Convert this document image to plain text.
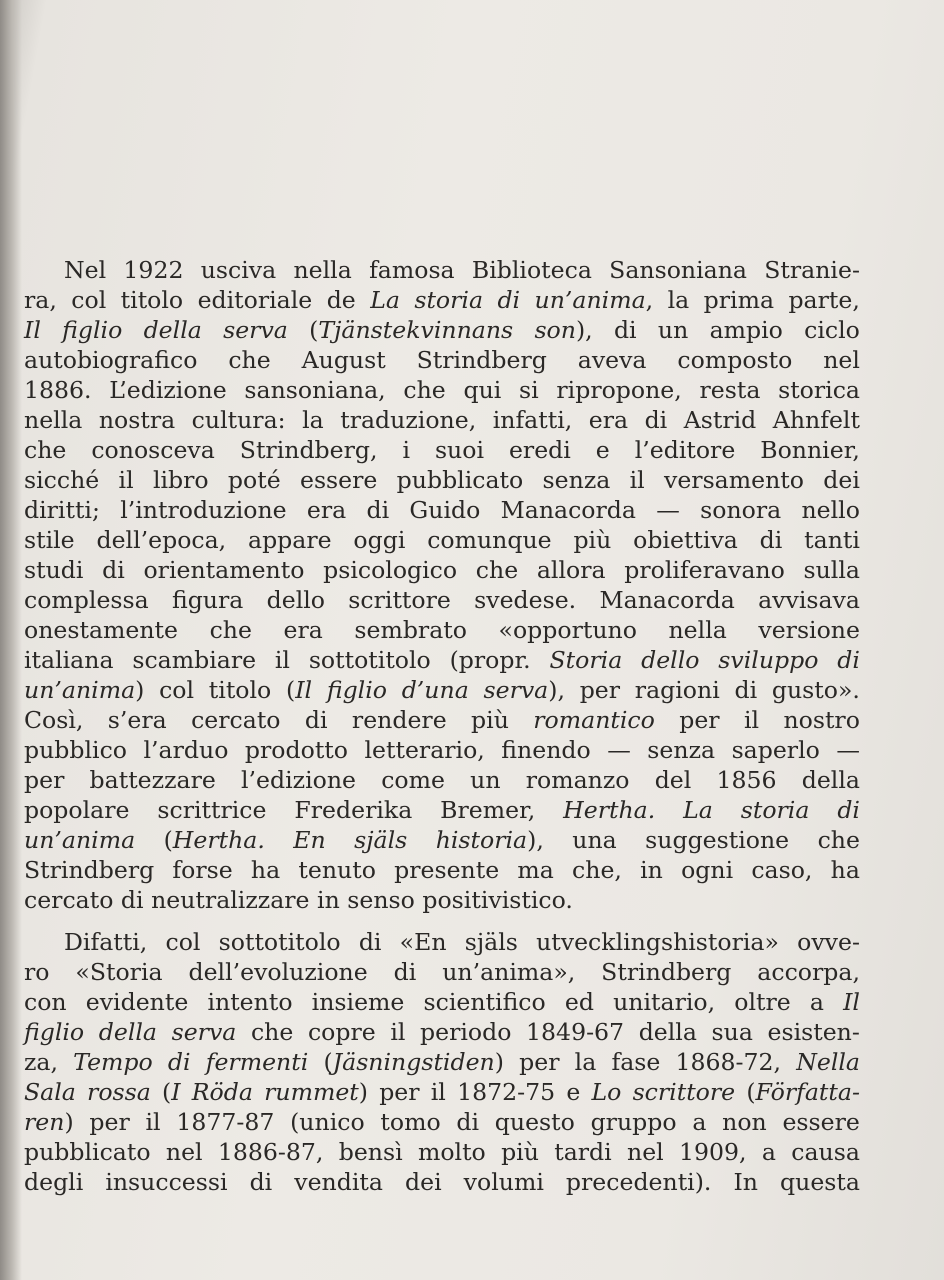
Nel 1922 usciva nella famosa Biblioteca Sansoniana Stranie-
ra, col titolo editoriale de La storia di un’anima, la prima parte,
Il figlio della serva (Tjänstekvinnans son), di un ampio ciclo
autobiografico che August Strindberg aveva composto nel
1886. L’edizione sansoniana, che qui si ripropone, resta storica
nella nostra cultura: la traduzione, infatti, era di Astrid Ahnfelt
che conosceva Strindberg, i suoi eredi e l’editore Bonnier,
sicché il libro poté essere pubblicato senza il versamento dei
diritti; l’introduzione era di Guido Manacorda — sonora nello
stile dell’epoca, appare oggi comunque più obiettiva di tanti
studi di orientamento psicologico che allora proliferavano sulla
complessa figura dello scrittore svedese. Manacorda avvisava
onestamente che era sembrato «opportuno nella versione
italiana scambiare il sottotitolo (propr. Storia dello sviluppo di
un’anima) col titolo (Il figlio d’una serva), per ragioni di gusto».
Così, s’era cercato di rendere più romantico per il nostro
pubblico l’arduo prodotto letterario, finendo — senza saperlo —
per battezzare l’edizione come un romanzo del 1856 della
popolare scrittrice Frederika Bremer, Hertha. La storia di
un’anima (Hertha. En själs historia), una suggestione che
Strindberg forse ha tenuto presente ma che, in ogni caso, ha
cercato di neutralizzare in senso positivistico.
Difatti, col sottotitolo di «En själs utvecklingshistoria» ovve-
ro «Storia dell’evoluzione di un’anima», Strindberg accorpa,
con evidente intento insieme scientifico ed unitario, oltre a Il
figlio della serva che copre il periodo 1849-67 della sua esisten-
za, Tempo di fermenti (Jäsningstiden) per la fase 1868-72, Nella
Sala rossa (I Röda rummet) per il 1872-75 e Lo scrittore (Författa-
ren) per il 1877-87 (unico tomo di questo gruppo a non essere
pubblicato nel 1886-87, bensì molto più tardi nel 1909, a causa
degli insuccessi di vendita dei volumi precedenti). In questa
